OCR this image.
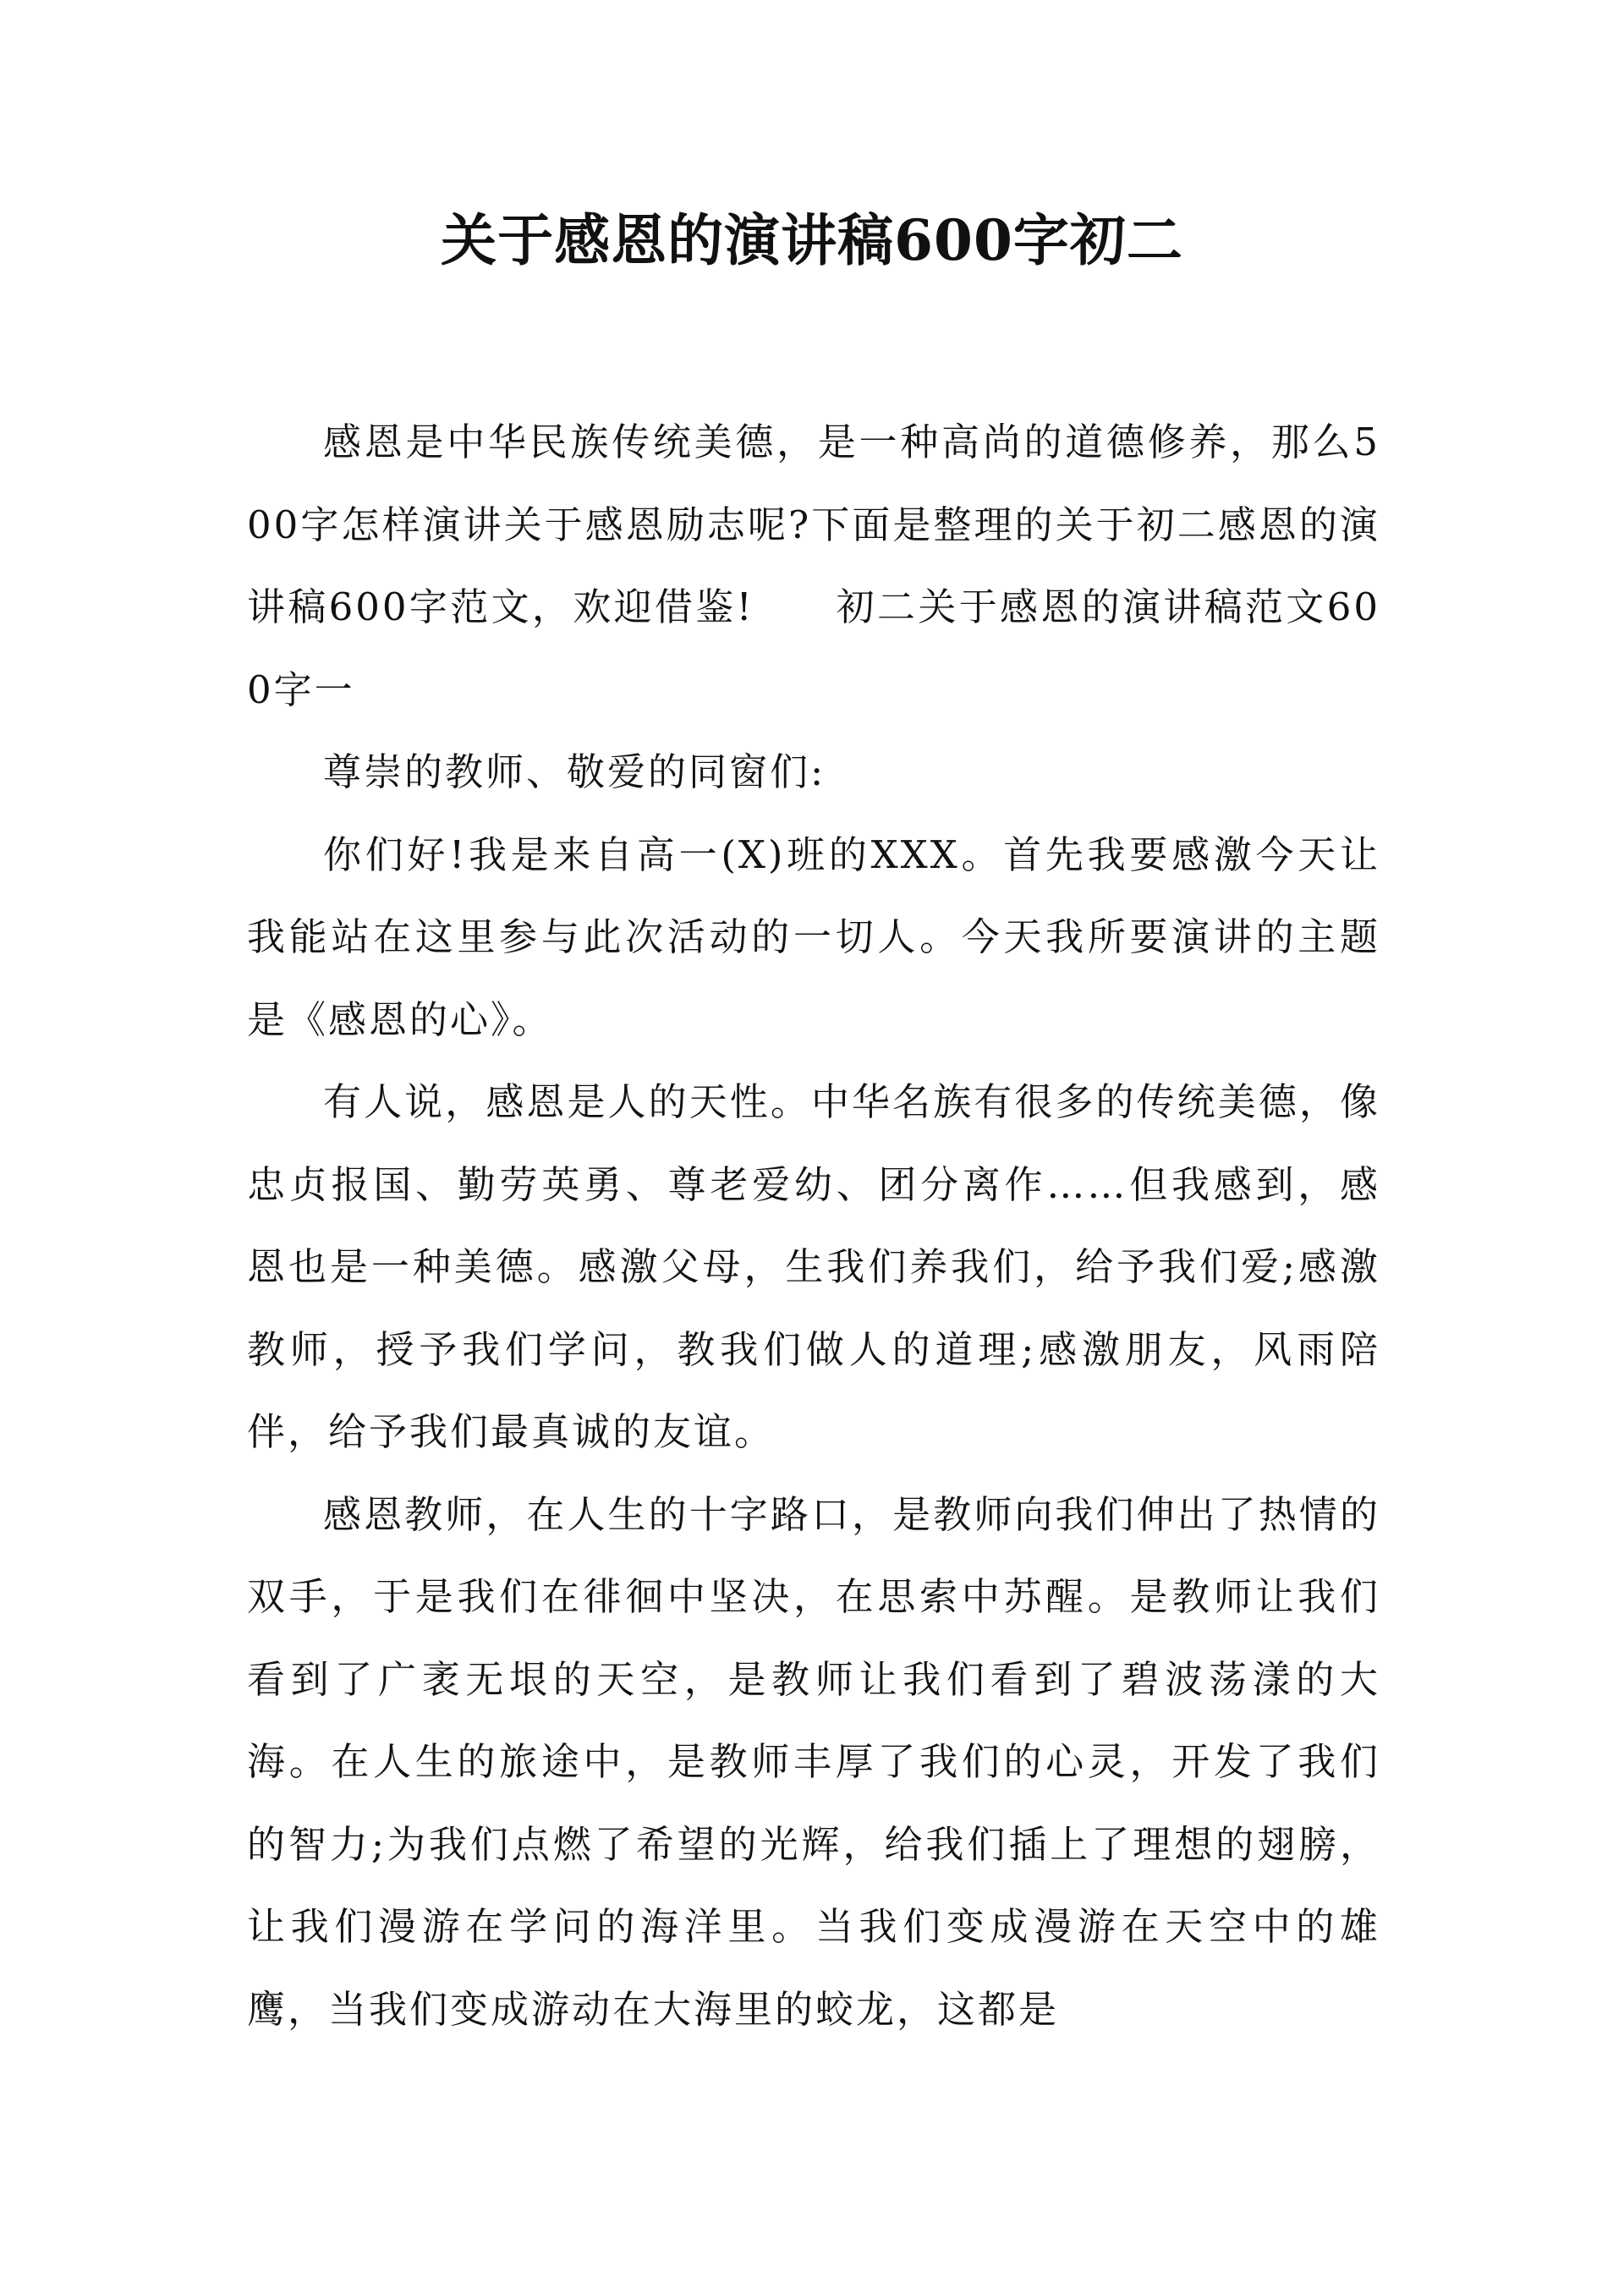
关于感恩的演讲稿600字初二

感恩是中华民族传统美德，是一种高尚的道德修养，那么500字怎样演讲关于感恩励志呢?下面是整理的关于初二感恩的演讲稿600字范文，欢迎借鉴!　　初二关于感恩的演讲稿范文600字一

尊崇的教师、敬爱的同窗们:

你们好!我是来自高一(X)班的XXX。首先我要感激今天让我能站在这里参与此次活动的一切人。今天我所要演讲的主题是《感恩的心》。

有人说，感恩是人的天性。中华名族有很多的传统美德，像忠贞报国、勤劳英勇、尊老爱幼、团分离作……但我感到，感恩也是一种美德。感激父母，生我们养我们，给予我们爱;感激教师，授予我们学问，教我们做人的道理;感激朋友，风雨陪伴，给予我们最真诚的友谊。

感恩教师，在人生的十字路口，是教师向我们伸出了热情的双手，于是我们在徘徊中坚决，在思索中苏醒。是教师让我们看到了广袤无垠的天空，是教师让我们看到了碧波荡漾的大海。在人生的旅途中，是教师丰厚了我们的心灵，开发了我们的智力;为我们点燃了希望的光辉，给我们插上了理想的翅膀，让我们漫游在学问的海洋里。当我们变成漫游在天空中的雄鹰，当我们变成游动在大海里的蛟龙，这都是
